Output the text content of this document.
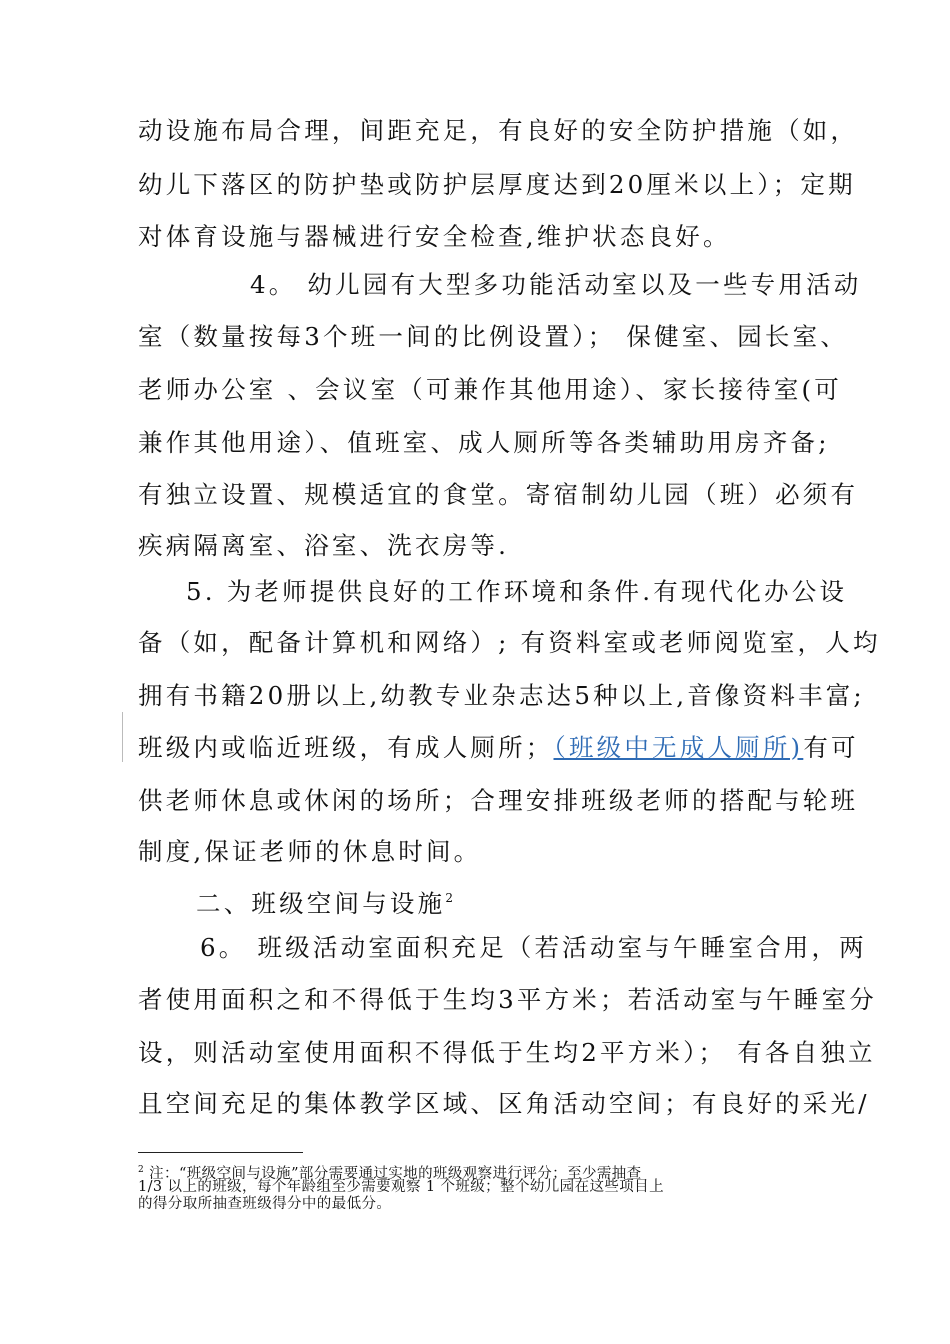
动设施布局合理，间距充足，有良好的安全防护措施（如，
幼儿下落区的防护垫或防护层厚度达到20厘米以上）；定期
对体育设施与器械进行安全检查,维护状态良好。
4。 幼儿园有大型多功能活动室以及一些专用活动
室（数量按每3个班一间的比例设置）； 保健室、园长室、
老师办公室 、会议室（可兼作其他用途）、家长接待室(可
兼作其他用途）、值班室、成人厕所等各类辅助用房齐备;
有独立设置、规模适宜的食堂。寄宿制幼儿园（班）必须有
疾病隔离室、浴室、洗衣房等.
5. 为老师提供良好的工作环境和条件.有现代化办公设
备（如，配备计算机和网络）; 有资料室或老师阅览室，人均
拥有书籍20册以上,幼教专业杂志达5种以上,音像资料丰富;
班级内或临近班级，有成人厕所；（班级中无成人厕所)有可
供老师休息或休闲的场所；合理安排班级老师的搭配与轮班
制度,保证老师的休息时间。
二、班级空间与设施$^2$
6。 班级活动室面积充足（若活动室与午睡室合用，两
者使用面积之和不得低于生均3平方米；若活动室与午睡室分
设，则活动室使用面积不得低于生均2平方米）； 有各自独立
且空间充足的集体教学区域、区角活动空间；有良好的采光/
$^2$ 注：“班级空间与设施”部分需要通过实地的班级观察进行评分；至少需抽查
1/3 以上的班级，每个年龄组至少需要观察 1 个班级；整个幼儿园在这些项目上
的得分取所抽查班级得分中的最低分。
